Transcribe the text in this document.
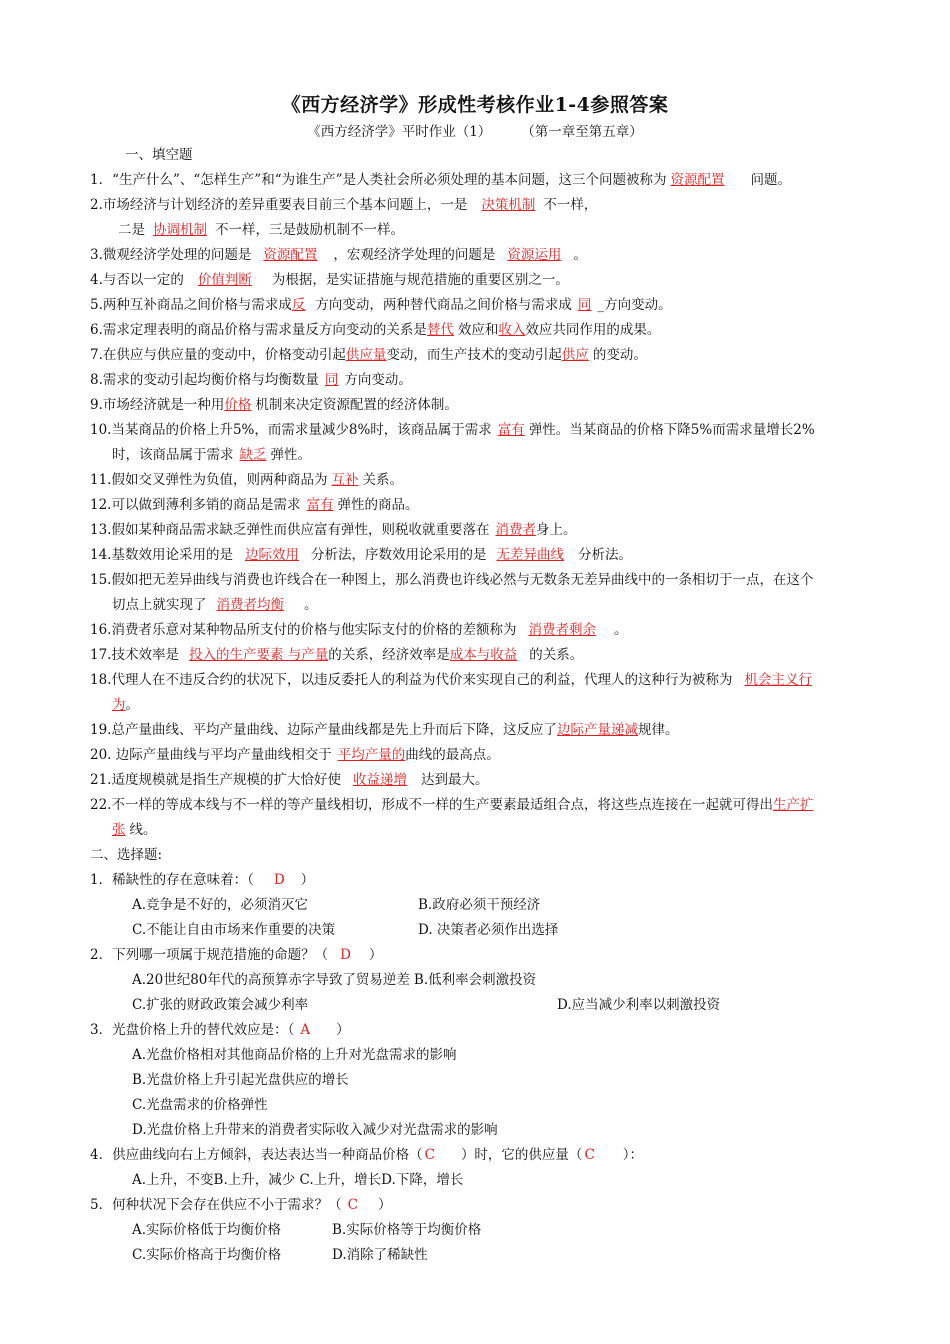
《西方经济学》形成性考核作业1-4参照答案
《西方经济学》平时作业（1） （第一章至第五章）
一、填空题
1．“生产什么”、“怎样生产”和“为谁生产”是人类社会所必须处理的基本问题，这三个问题被称为 资源配置 问题。
2.市场经济与计划经济的差异重要表目前三个基本问题上，一是 决策机制 不一样，
二是 协调机制 不一样，三是鼓励机制不一样。
3.微观经济学处理的问题是 资源配置 ，宏观经济学处理的问题是 资源运用 。
4.与否以一定的 价值判断 为根据，是实证措施与规范措施的重要区别之一。
5.两种互补商品之间价格与需求成反 方向变动，两种替代商品之间价格与需求成 同 _方向变动。
6.需求定理表明的商品价格与需求量反方向变动的关系是替代 效应和收入效应共同作用的成果。
7.在供应与供应量的变动中，价格变动引起供应量变动，而生产技术的变动引起供应 的变动。
8.需求的变动引起均衡价格与均衡数量 同 方向变动。
9.市场经济就是一种用价格 机制来决定资源配置的经济体制。
10.当某商品的价格上升5%，而需求量减少8%时，该商品属于需求 富有 弹性。当某商品的价格下降5%而需求量增长2%
时，该商品属于需求 缺乏 弹性。
11.假如交叉弹性为负值，则两种商品为 互补 关系。
12.可以做到薄利多销的商品是需求 富有 弹性的商品。
13.假如某种商品需求缺乏弹性而供应富有弹性，则税收就重要落在 消费者身上。
14.基数效用论采用的是 边际效用 分析法，序数效用论采用的是 无差异曲线 分析法。
15.假如把无差异曲线与消费也许线合在一种图上，那么消费也许线必然与无数条无差异曲线中的一条相切于一点，在这个
切点上就实现了 消费者均衡 。
16.消费者乐意对某种物品所支付的价格与他实际支付的价格的差额称为 消费者剩余 。
17.技术效率是 投入的生产要素 与产量的关系，经济效率是成本与收益 的关系。
18.代理人在不违反合约的状况下，以违反委托人的利益为代价来实现自己的利益，代理人的这种行为被称为 机会主义行
为。
19.总产量曲线、平均产量曲线、边际产量曲线都是先上升而后下降，这反应了边际产量递减规律。
20. 边际产量曲线与平均产量曲线相交于 平均产量的曲线的最高点。
21.适度规模就是指生产规模的扩大恰好使 收益递增 达到最大。
22.不一样的等成本线与不一样的等产量线相切，形成不一样的生产要素最适组合点，将这些点连接在一起就可得出生产扩
张 线。
二、选择题:
1．稀缺性的存在意味着：（ D ）
A.竞争是不好的，必须消灭它	B.政府必须干预经济
C.不能让自由市场来作重要的决策	D. 决策者必须作出选择
2．下列哪一项属于规范措施的命题？（ D ）
A.20世纪80年代的高预算赤字导致了贸易逆差 B.低利率会刺激投资
C.扩张的财政政策会减少利率	D.应当减少利率以刺激投资
3．光盘价格上升的替代效应是：（ A ）
A.光盘价格相对其他商品价格的上升对光盘需求的影响
B.光盘价格上升引起光盘供应的增长
C.光盘需求的价格弹性
D.光盘价格上升带来的消费者实际收入减少对光盘需求的影响
4．供应曲线向右上方倾斜，表达表达当一种商品价格（ C ）时，它的供应量（ C ）：
A.上升，不变B.上升，减少 C.上升，增长D.下降，增长
5．何种状况下会存在供应不小于需求？（ C ）
A.实际价格低于均衡价格	B.实际价格等于均衡价格
C.实际价格高于均衡价格	D.消除了稀缺性
